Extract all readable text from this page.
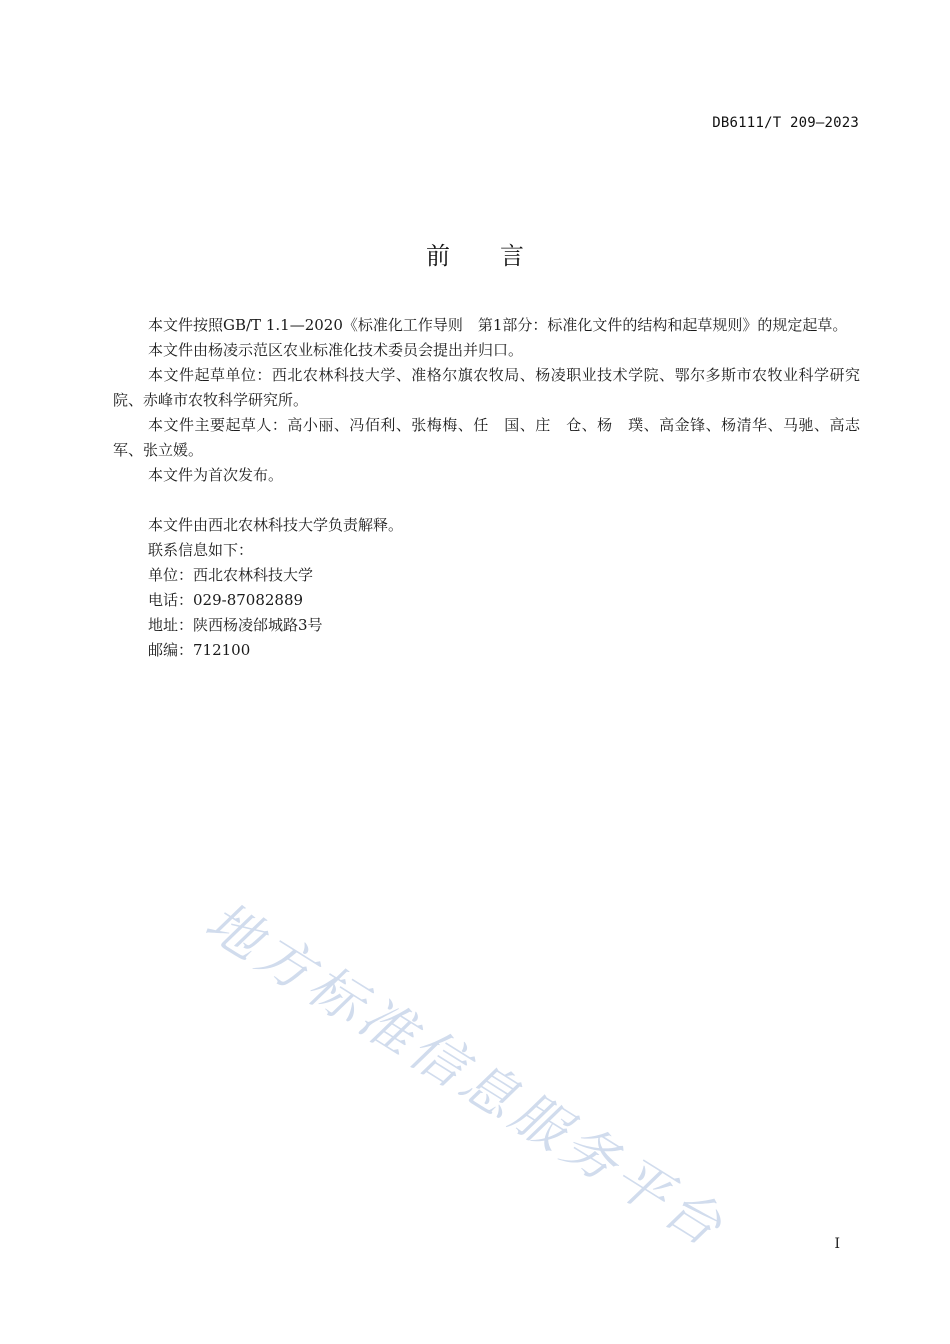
DB6111/T 209—2023
前 言

本文件按照GB/T 1.1—2020《标准化工作导则　第1部分：标准化文件的结构和起草规则》的规定起草。

本文件由杨凌示范区农业标准化技术委员会提出并归口。

本文件起草单位：西北农林科技大学、准格尔旗农牧局、杨凌职业技术学院、鄂尔多斯市农牧业科学研究院、赤峰市农牧科学研究所。

本文件主要起草人：高小丽、冯佰利、张梅梅、任　国、庄　仓、杨　璞、高金锋、杨清华、马驰、高志军、张立媛。

本文件为首次发布。

本文件由西北农林科技大学负责解释。

联系信息如下：

单位：西北农林科技大学

电话：029-87082889

地址：陕西杨凌邰城路3号

邮编：712100

地方标准信息服务平台	I
